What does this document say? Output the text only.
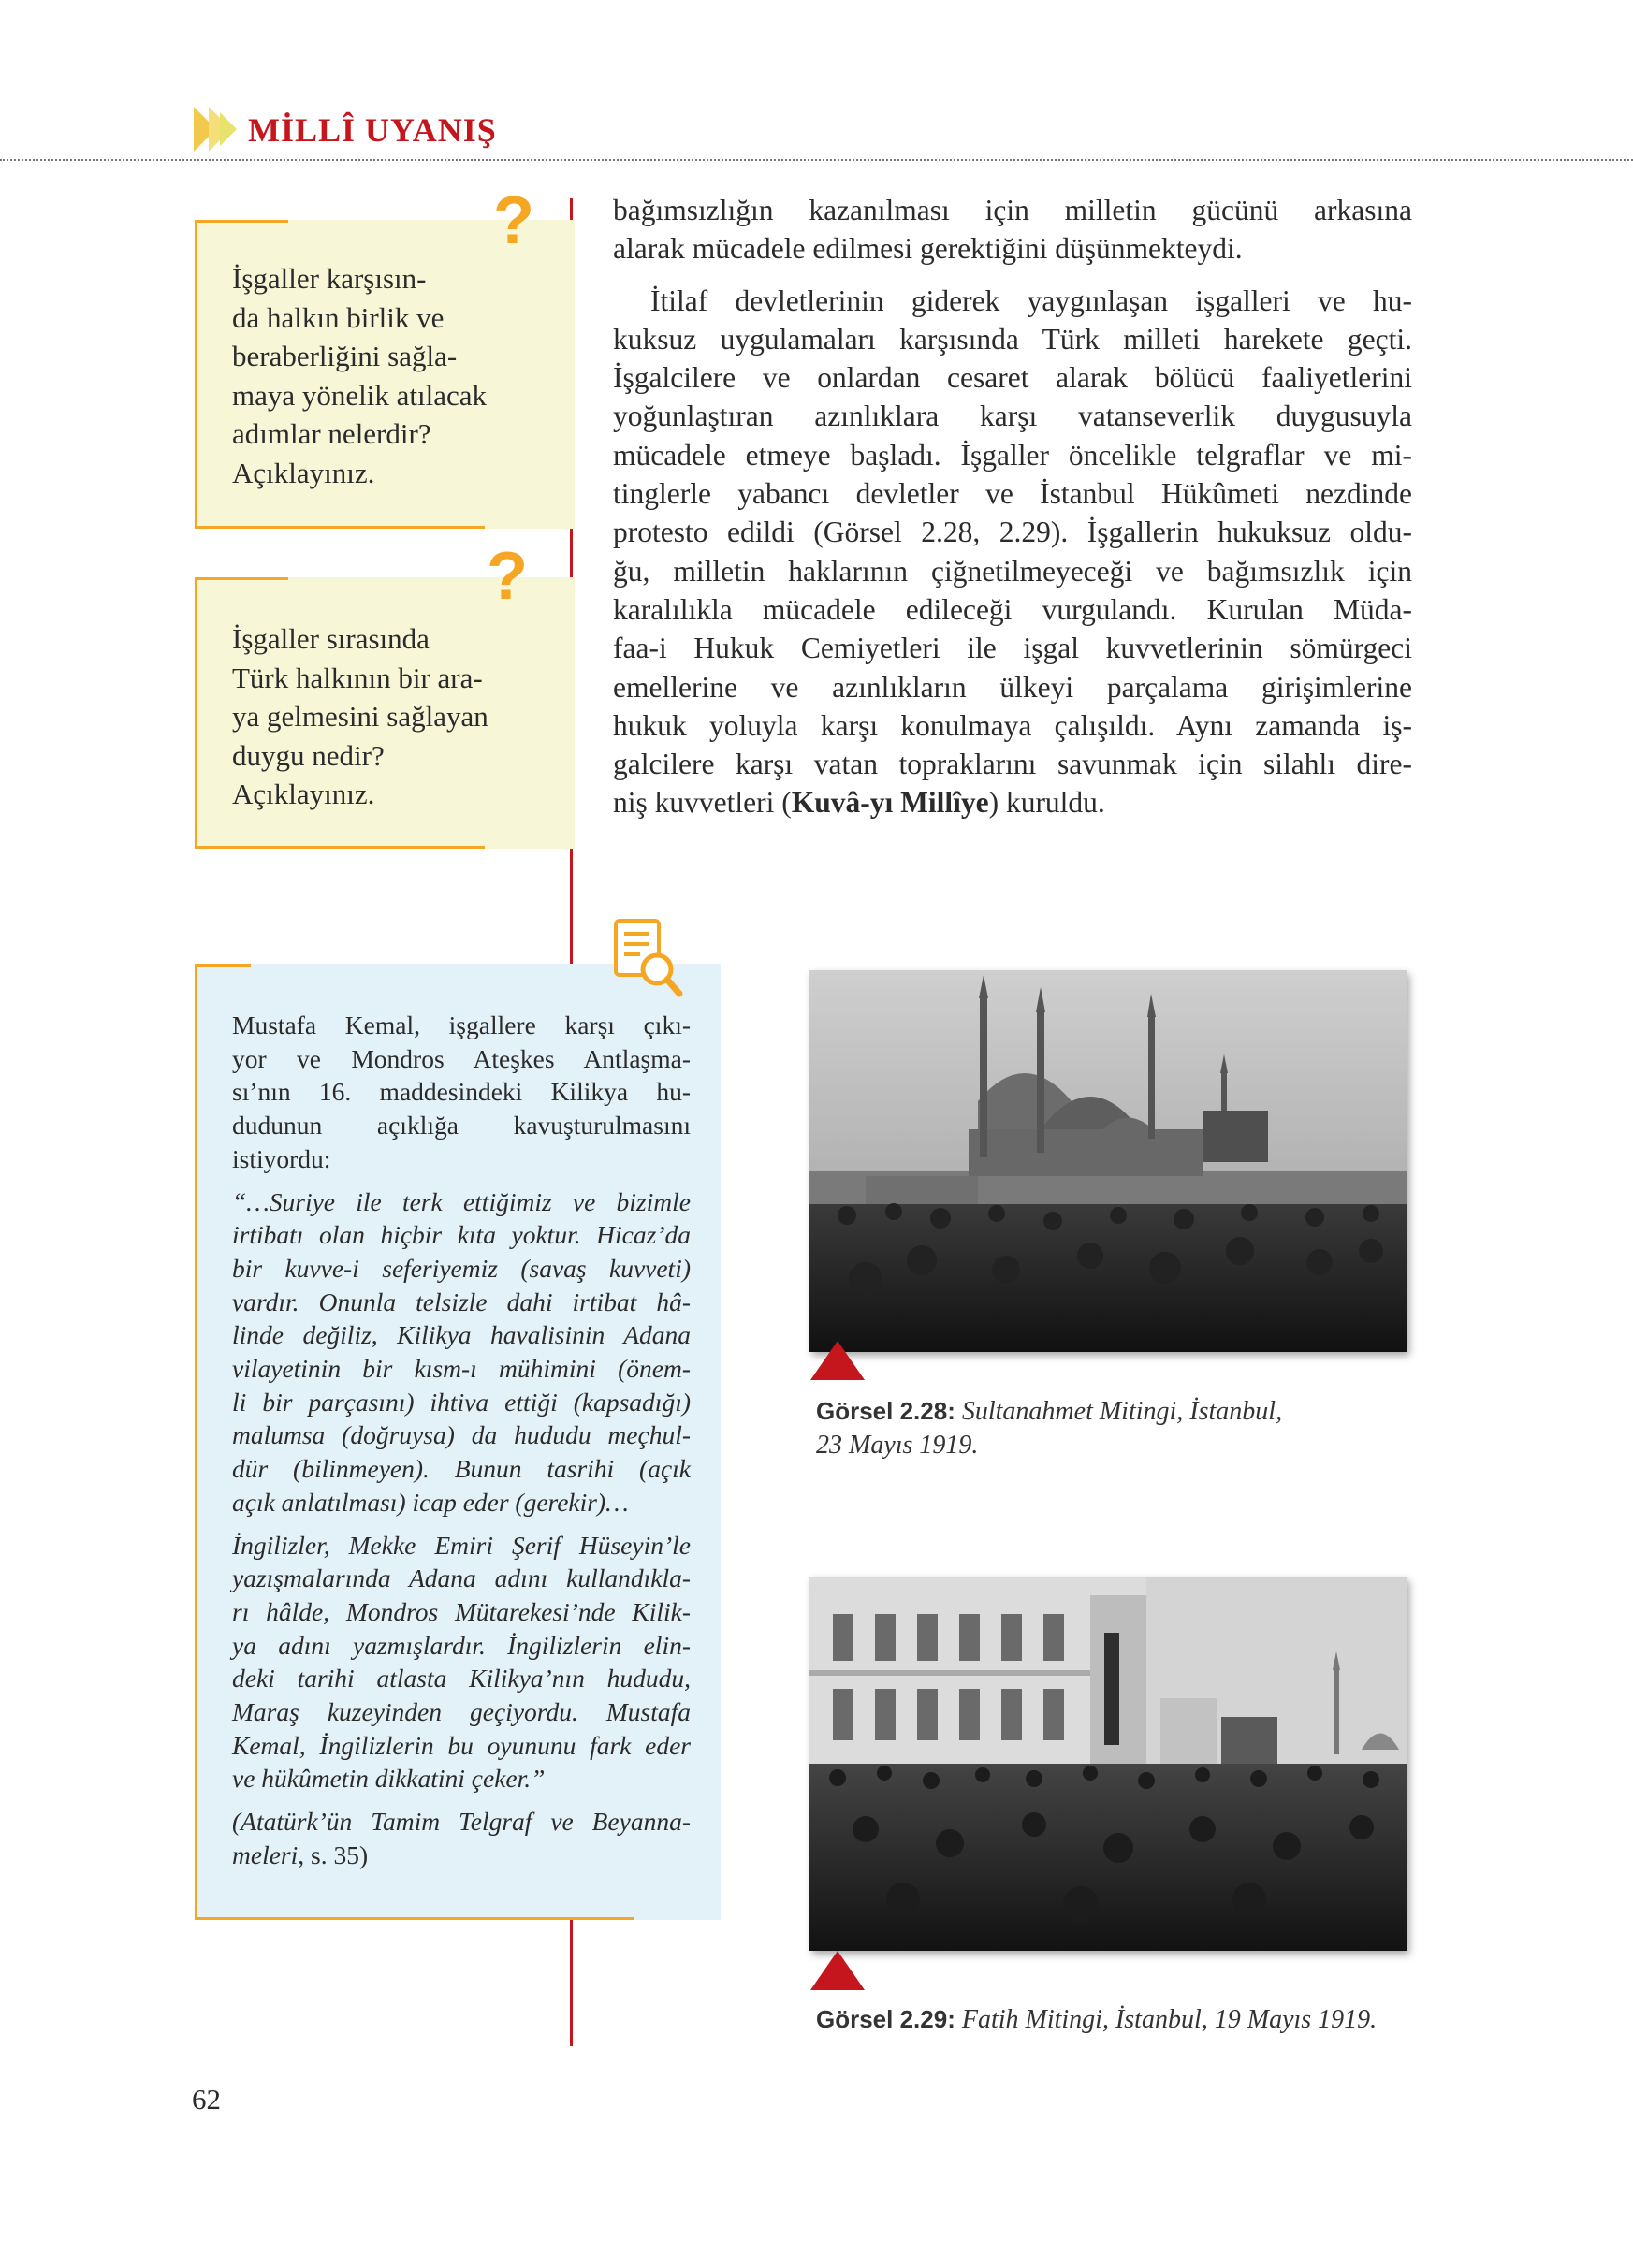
MİLLÎ UYANIŞ
İşgaller karşısın-
da halkın birlik ve
beraberliğini sağla-
maya yönelik atılacak
adımlar nelerdir?
Açıklayınız.
?
İşgaller sırasında
Türk halkının bir ara-
ya gelmesini sağlayan
duygu nedir?
Açıklayınız.
?
bağımsızlığın kazanılması için milletin gücünü arkasına
alarak mücadele edilmesi gerektiğini düşünmekteydi.
İtilaf devletlerinin giderek yaygınlaşan işgalleri ve hu-
kuksuz uygulamaları karşısında Türk milleti harekete geçti.
İşgalcilere ve onlardan cesaret alarak bölücü faaliyetlerini
yoğunlaştıran azınlıklara karşı vatanseverlik duygusuyla
mücadele etmeye başladı. İşgaller öncelikle telgraflar ve mi-
tinglerle yabancı devletler ve İstanbul Hükûmeti nezdinde
protesto edildi (Görsel 2.28, 2.29). İşgallerin hukuksuz oldu-
ğu, milletin haklarının çiğnetilmeyeceği ve bağımsızlık için
karalılıkla mücadele edileceği vurgulandı. Kurulan Müda-
faa-i Hukuk Cemiyetleri ile işgal kuvvetlerinin sömürgeci
emellerine ve azınlıkların ülkeyi parçalama girişimlerine
hukuk yoluyla karşı konulmaya çalışıldı. Aynı zamanda iş-
galcilere karşı vatan topraklarını savunmak için silahlı dire-
niş kuvvetleri (Kuvâ-yı Millîye) kuruldu.
Mustafa Kemal, işgallere karşı çıkı-
yor ve Mondros Ateşkes Antlaşma-
sı’nın 16. maddesindeki Kilikya hu-
dudunun açıklığa kavuşturulmasını
istiyordu:
“…Suriye ile terk ettiğimiz ve bizimle
irtibatı olan hiçbir kıta yoktur. Hicaz’da
bir kuvve-i seferiyemiz (savaş kuvveti)
vardır. Onunla telsizle dahi irtibat hâ-
linde değiliz, Kilikya havalisinin Adana
vilayetinin bir kısm-ı mühimini (önem-
li bir parçasını) ihtiva ettiği (kapsadığı)
malumsa (doğruysa) da hududu meçhul-
dür (bilinmeyen). Bunun tasrihi (açık
açık anlatılması) icap eder (gerekir)…
İngilizler, Mekke Emiri Şerif Hüseyin’le
yazışmalarında Adana adını kullandıkla-
rı hâlde, Mondros Mütarekesi’nde Kilik-
ya adını yazmışlardır. İngilizlerin elin-
deki tarihi atlasta Kilikya’nın hududu,
Maraş kuzeyinden geçiyordu. Mustafa
Kemal, İngilizlerin bu oyununu fark eder
ve hükûmetin dikkatini çeker.”
(Atatürk’ün Tamim Telgraf ve Beyanna-
meleri, s. 35)
Görsel 2.28: Sultanahmet Mitingi, İstanbul,
23 Mayıs 1919.
Görsel 2.29: Fatih Mitingi, İstanbul, 19 Mayıs 1919.
62
